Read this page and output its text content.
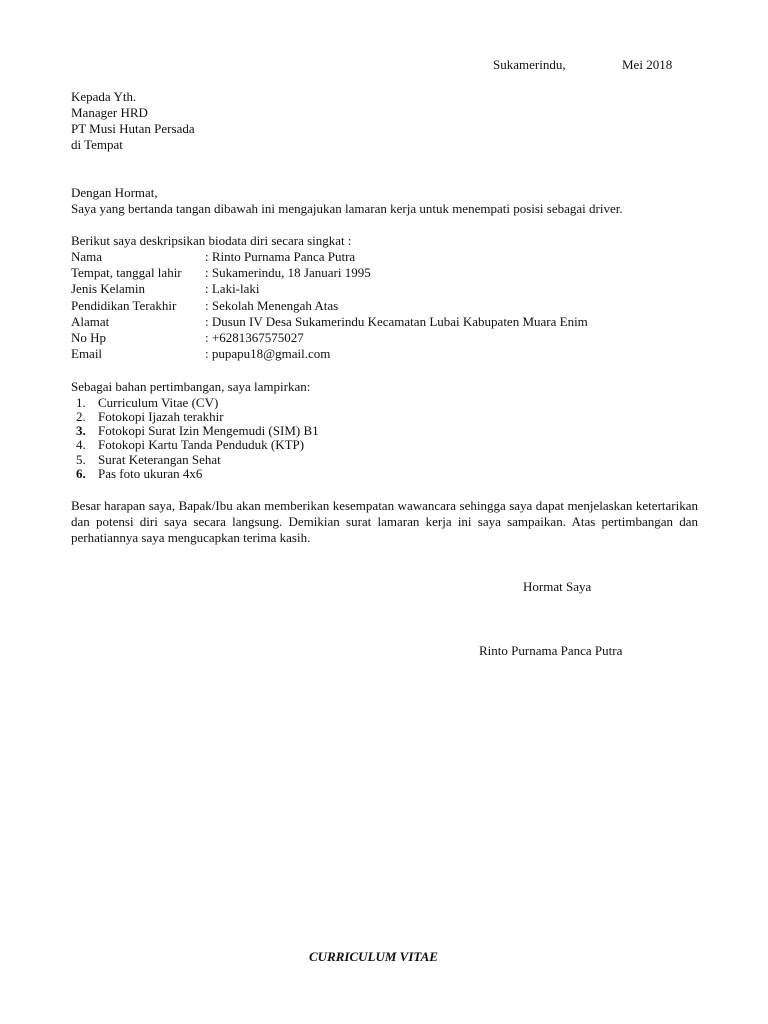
Sukamerindu,	Mei 2018
Kepada Yth.
Manager HRD
PT Musi Hutan Persada
di Tempat
Dengan Hormat,
Saya yang bertanda tangan dibawah ini mengajukan lamaran kerja untuk menempati posisi sebagai driver.
Berikut saya deskripsikan biodata diri secara singkat :
Nama	: Rinto Purnama Panca Putra
Tempat, tanggal lahir : Sukamerindu, 18 Januari 1995
Jenis Kelamin	: Laki-laki
Pendidikan Terakhir : Sekolah Menengah Atas
Alamat	: Dusun IV Desa Sukamerindu Kecamatan Lubai Kabupaten Muara Enim
No Hp	: +6281367575027
Email	: pupapu18@gmail.com
Sebagai bahan pertimbangan, saya lampirkan:
1. Curriculum Vitae (CV)
2. Fotokopi Ijazah terakhir
3. Fotokopi Surat Izin Mengemudi (SIM) B1
4. Fotokopi Kartu Tanda Penduduk (KTP)
5. Surat Keterangan Sehat
6. Pas foto ukuran 4x6
Besar harapan saya, Bapak/Ibu akan memberikan kesempatan wawancara sehingga saya dapat menjelaskan ketertarikan dan potensi diri saya secara langsung. Demikian surat lamaran kerja ini saya sampaikan. Atas pertimbangan dan perhatiannya saya mengucapkan terima kasih.
Hormat Saya
Rinto Purnama Panca Putra
CURRICULUM VITAE
